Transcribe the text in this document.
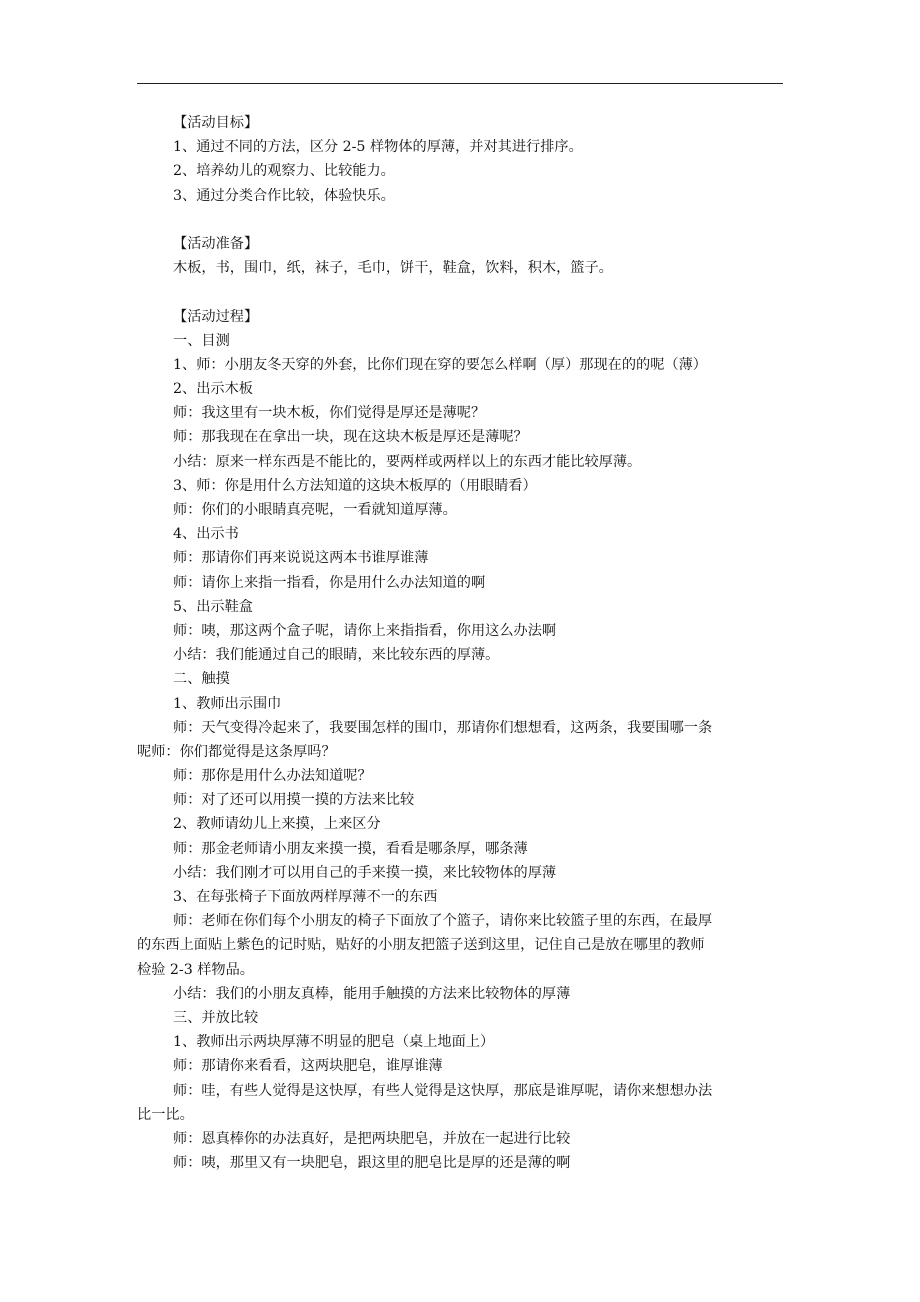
【活动目标】
1、通过不同的方法，区分 2-5 样物体的厚薄，并对其进行排序。
2、培养幼儿的观察力、比较能力。
3、通过分类合作比较，体验快乐。
【活动准备】
木板，书，围巾，纸，袜子，毛巾，饼干，鞋盒，饮料，积木，篮子。
【活动过程】
一、目测
1、师：小朋友冬天穿的外套，比你们现在穿的要怎么样啊（厚）那现在的的呢（薄）
2、出示木板
师：我这里有一块木板，你们觉得是厚还是薄呢？
师：那我现在在拿出一块，现在这块木板是厚还是薄呢？
小结：原来一样东西是不能比的，要两样或两样以上的东西才能比较厚薄。
3、师：你是用什么方法知道的这块木板厚的（用眼睛看）
师：你们的小眼睛真亮呢，一看就知道厚薄。
4、出示书
师：那请你们再来说说这两本书谁厚谁薄
师：请你上来指一指看，你是用什么办法知道的啊
5、出示鞋盒
师：咦，那这两个盒子呢，请你上来指指看，你用这么办法啊
小结：我们能通过自己的眼睛，来比较东西的厚薄。
二、触摸
1、教师出示围巾
师：天气变得冷起来了，我要围怎样的围巾，那请你们想想看，这两条，我要围哪一条
呢师：你们都觉得是这条厚吗？
师：那你是用什么办法知道呢？
师：对了还可以用摸一摸的方法来比较
2、教师请幼儿上来摸，上来区分
师：那金老师请小朋友来摸一摸，看看是哪条厚，哪条薄
小结：我们刚才可以用自己的手来摸一摸，来比较物体的厚薄
3、在每张椅子下面放两样厚薄不一的东西
师：老师在你们每个小朋友的椅子下面放了个篮子，请你来比较篮子里的东西，在最厚
的东西上面贴上紫色的记时贴，贴好的小朋友把篮子送到这里，记住自己是放在哪里的教师
检验 2-3 样物品。
小结：我们的小朋友真棒，能用手触摸的方法来比较物体的厚薄
三、并放比较
1、教师出示两块厚薄不明显的肥皂（桌上地面上）
师：那请你来看看，这两块肥皂，谁厚谁薄
师：哇，有些人觉得是这快厚，有些人觉得是这快厚，那底是谁厚呢，请你来想想办法
比一比。
师：恩真棒你的办法真好，是把两块肥皂，并放在一起进行比较
师：咦，那里又有一块肥皂，跟这里的肥皂比是厚的还是薄的啊
